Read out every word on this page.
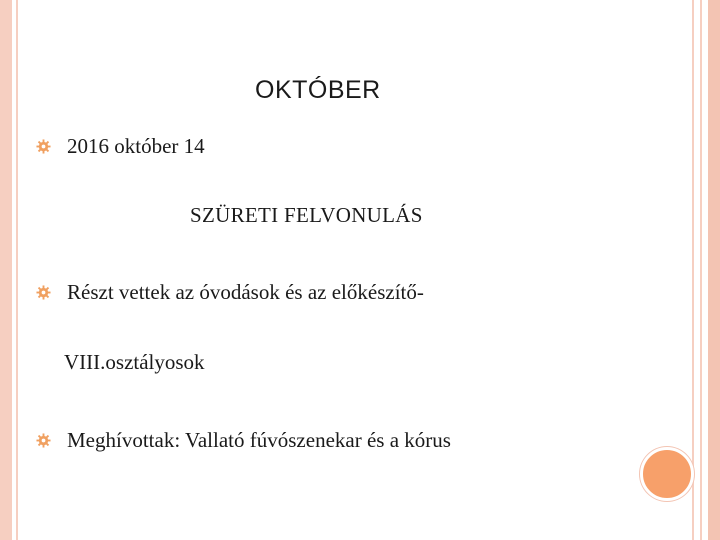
OKTÓBER
2016 október 14
SZÜRETI FELVONULÁS
Részt vettek az óvodások és az előkészítő-
VIII.osztályosok
Meghívottak: Vallató fúvószenekar és a kórus
